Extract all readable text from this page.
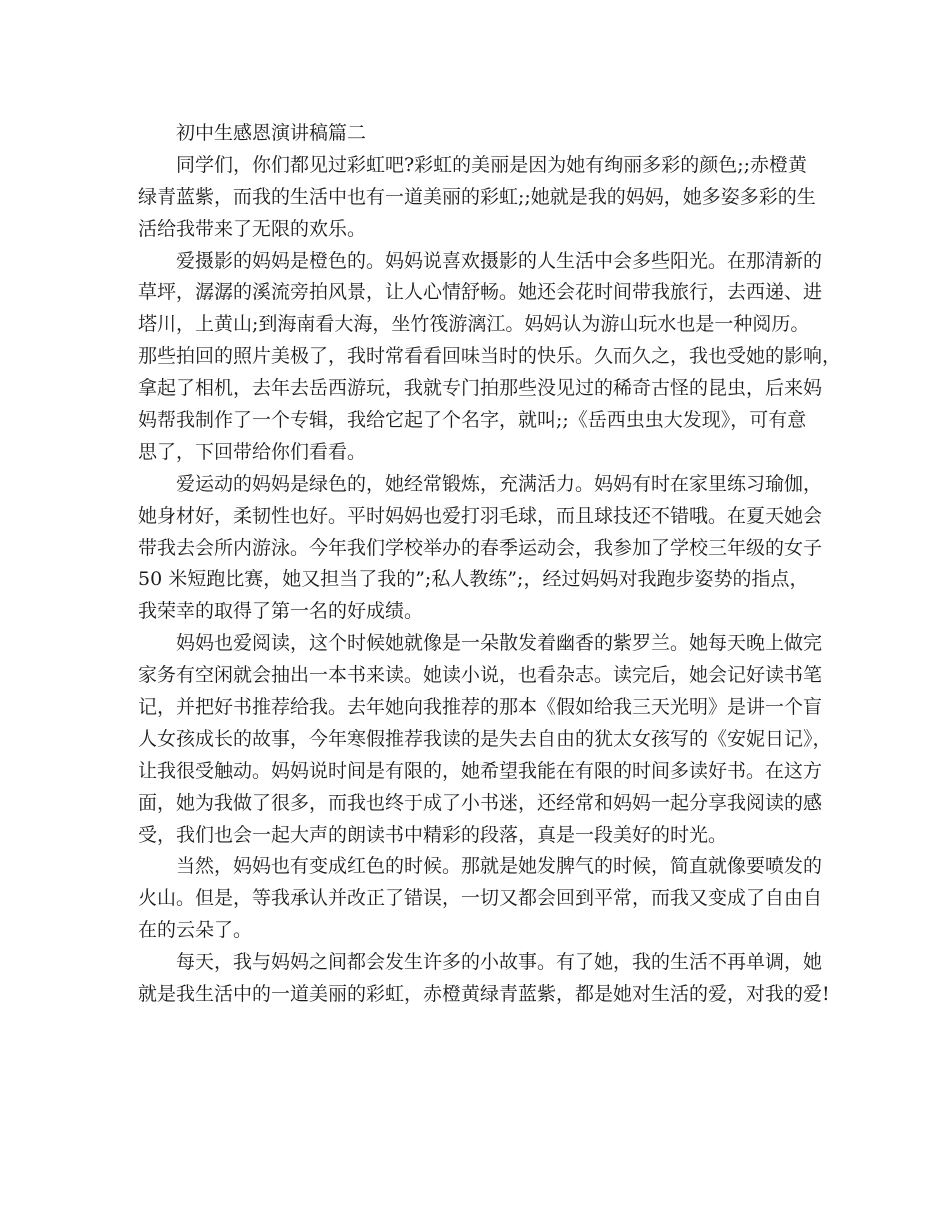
初中生感恩演讲稿篇二
同学们，你们都见过彩虹吧?彩虹的美丽是因为她有绚丽多彩的颜色;;赤橙黄
绿青蓝紫，而我的生活中也有一道美丽的彩虹;;她就是我的妈妈，她多姿多彩的生
活给我带来了无限的欢乐。
爱摄影的妈妈是橙色的。妈妈说喜欢摄影的人生活中会多些阳光。在那清新的
草坪，潺潺的溪流旁拍风景，让人心情舒畅。她还会花时间带我旅行，去西递、进
塔川，上黄山;到海南看大海，坐竹筏游漓江。妈妈认为游山玩水也是一种阅历。
那些拍回的照片美极了，我时常看看回味当时的快乐。久而久之，我也受她的影响，
拿起了相机，去年去岳西游玩，我就专门拍那些没见过的稀奇古怪的昆虫，后来妈
妈帮我制作了一个专辑，我给它起了个名字，就叫;;《岳西虫虫大发现》，可有意
思了，下回带给你们看看。
爱运动的妈妈是绿色的，她经常锻炼，充满活力。妈妈有时在家里练习瑜伽，
她身材好，柔韧性也好。平时妈妈也爱打羽毛球，而且球技还不错哦。在夏天她会
带我去会所内游泳。今年我们学校举办的春季运动会，我参加了学校三年级的女子
50 米短跑比赛，她又担当了我的”;私人教练”;，经过妈妈对我跑步姿势的指点，
我荣幸的取得了第一名的好成绩。
妈妈也爱阅读，这个时候她就像是一朵散发着幽香的紫罗兰。她每天晚上做完
家务有空闲就会抽出一本书来读。她读小说，也看杂志。读完后，她会记好读书笔
记，并把好书推荐给我。去年她向我推荐的那本《假如给我三天光明》是讲一个盲
人女孩成长的故事，今年寒假推荐我读的是失去自由的犹太女孩写的《安妮日记》，
让我很受触动。妈妈说时间是有限的，她希望我能在有限的时间多读好书。在这方
面，她为我做了很多，而我也终于成了小书迷，还经常和妈妈一起分享我阅读的感
受，我们也会一起大声的朗读书中精彩的段落，真是一段美好的时光。
当然，妈妈也有变成红色的时候。那就是她发脾气的时候，简直就像要喷发的
火山。但是，等我承认并改正了错误，一切又都会回到平常，而我又变成了自由自
在的云朵了。
每天，我与妈妈之间都会发生许多的小故事。有了她，我的生活不再单调，她
就是我生活中的一道美丽的彩虹，赤橙黄绿青蓝紫，都是她对生活的爱，对我的爱!
